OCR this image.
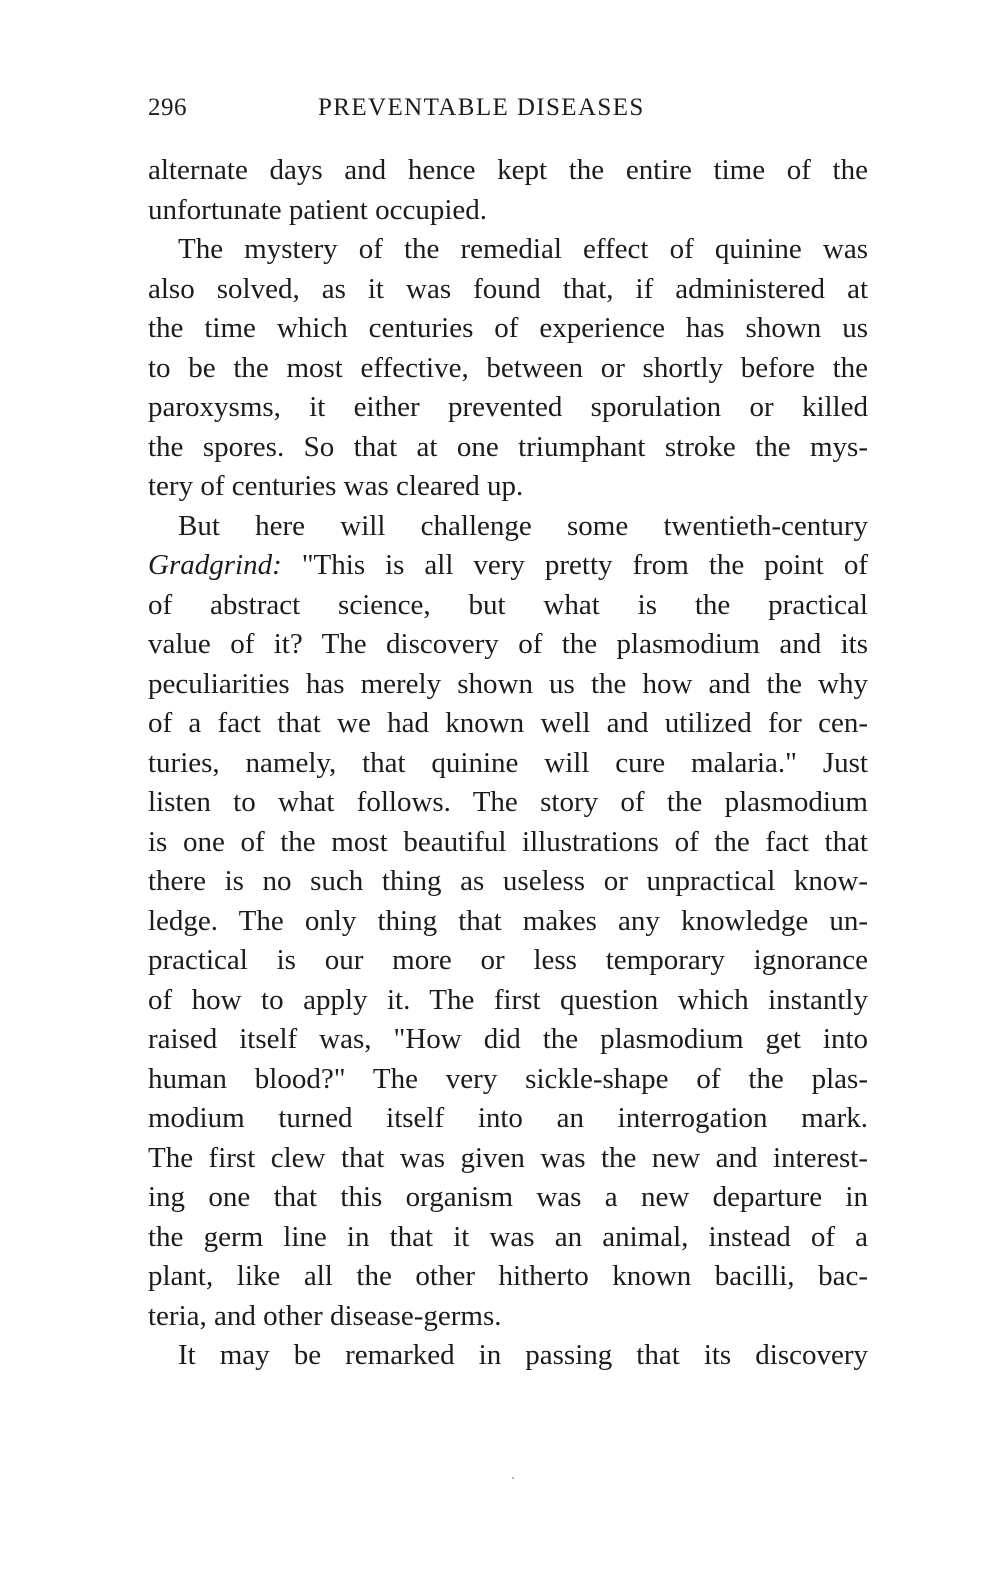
296	PREVENTABLE DISEASES
alternate days and hence kept the entire time of the
unfortunate patient occupied.
The mystery of the remedial effect of quinine was
also solved, as it was found that, if administered at
the time which centuries of experience has shown us
to be the most effective, between or shortly before the
paroxysms, it either prevented sporulation or killed
the spores. So that at one triumphant stroke the mys-
tery of centuries was cleared up.
But here will challenge some twentieth-century
Gradgrind: "This is all very pretty from the point of
of abstract science, but what is the practical
value of it? The discovery of the plasmodium and its
peculiarities has merely shown us the how and the why
of a fact that we had known well and utilized for cen-
turies, namely, that quinine will cure malaria." Just
listen to what follows. The story of the plasmodium
is one of the most beautiful illustrations of the fact that
there is no such thing as useless or unpractical know-
ledge. The only thing that makes any knowledge un-
practical is our more or less temporary ignorance
of how to apply it. The first question which instantly
raised itself was, "How did the plasmodium get into
human blood?" The very sickle-shape of the plas-
modium turned itself into an interrogation mark.
The first clew that was given was the new and interest-
ing one that this organism was a new departure in
the germ line in that it was an animal, instead of a
plant, like all the other hitherto known bacilli, bac-
teria, and other disease-germs.
It may be remarked in passing that its discovery
